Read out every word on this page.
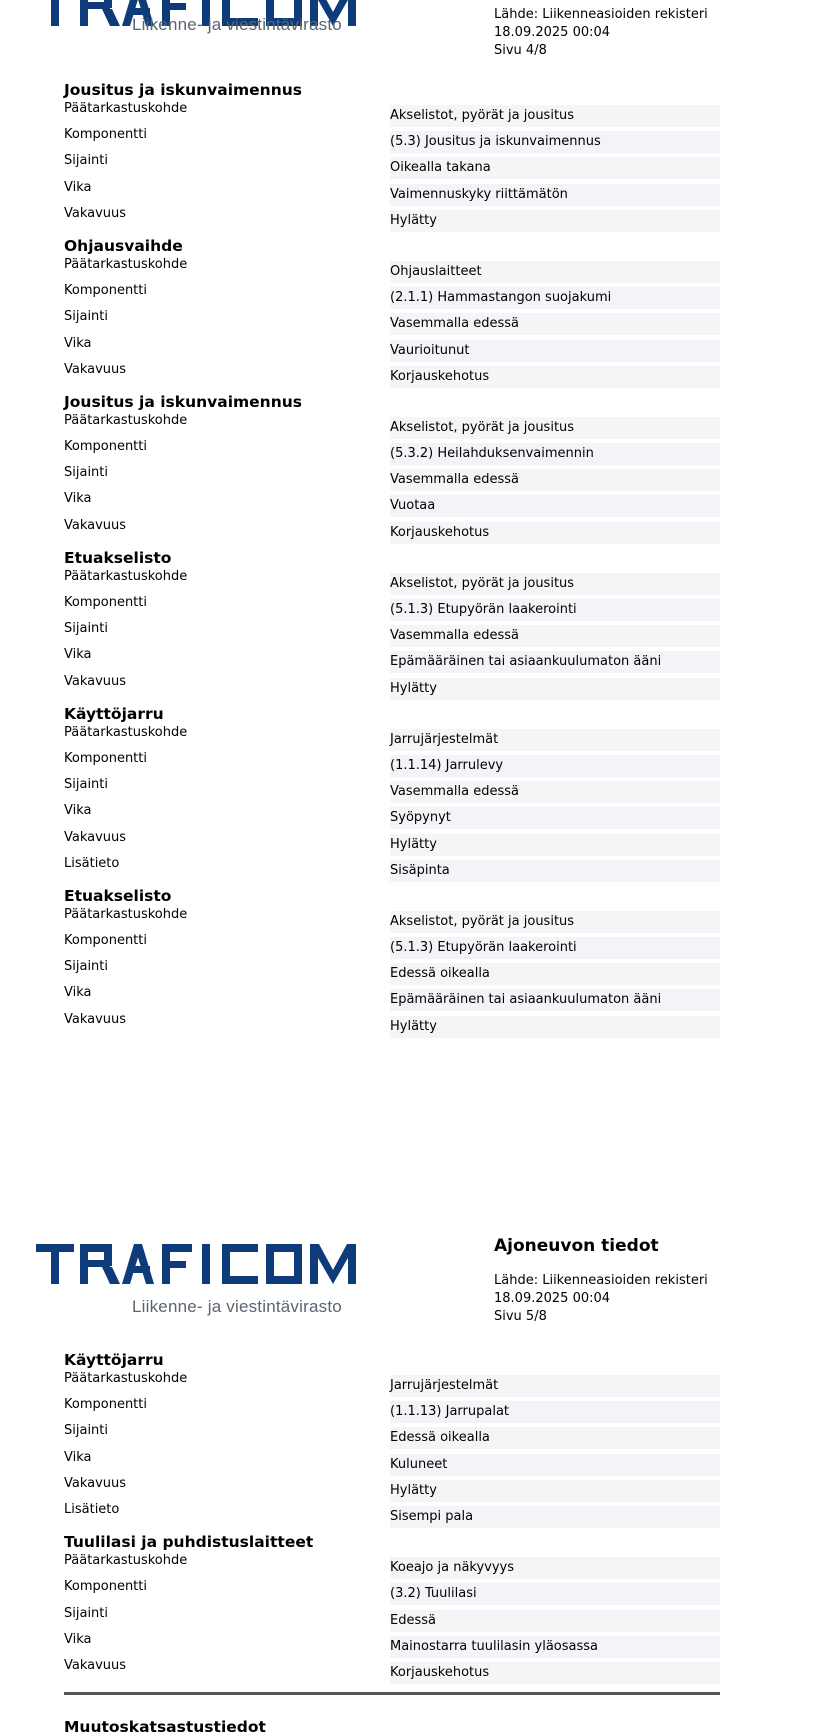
Liikenne- ja viestintävirasto
Lähde: Liikenneasioiden rekisteri
18.09.2025 00:04
Sivu 4/8
Jousitus ja iskunvaimennus
Päätarkastuskohde	Akselistot, pyörät ja jousitus
Komponentti	(5.3) Jousitus ja iskunvaimennus
Sijainti	Oikealla takana
Vika	Vaimennuskyky riittämätön
Vakavuus	Hylätty
Ohjausvaihde
Päätarkastuskohde	Ohjauslaitteet
Komponentti	(2.1.1) Hammastangon suojakumi
Sijainti	Vasemmalla edessä
Vika	Vaurioitunut
Vakavuus	Korjauskehotus
Jousitus ja iskunvaimennus
Päätarkastuskohde	Akselistot, pyörät ja jousitus
Komponentti	(5.3.2) Heilahduksenvaimennin
Sijainti	Vasemmalla edessä
Vika	Vuotaa
Vakavuus	Korjauskehotus
Etuakselisto
Päätarkastuskohde	Akselistot, pyörät ja jousitus
Komponentti	(5.1.3) Etupyörän laakerointi
Sijainti	Vasemmalla edessä
Vika	Epämääräinen tai asiaankuulumaton ääni
Vakavuus	Hylätty
Käyttöjarru
Päätarkastuskohde	Jarrujärjestelmät
Komponentti	(1.1.14) Jarrulevy
Sijainti	Vasemmalla edessä
Vika	Syöpynyt
Vakavuus	Hylätty
Lisätieto	Sisäpinta
Etuakselisto
Päätarkastuskohde	Akselistot, pyörät ja jousitus
Komponentti	(5.1.3) Etupyörän laakerointi
Sijainti	Edessä oikealla
Vika	Epämääräinen tai asiaankuulumaton ääni
Vakavuus	Hylätty
Liikenne- ja viestintävirasto
Ajoneuvon tiedot
Lähde: Liikenneasioiden rekisteri
18.09.2025 00:04
Sivu 5/8
Käyttöjarru
Päätarkastuskohde	Jarrujärjestelmät
Komponentti	(1.1.13) Jarrupalat
Sijainti	Edessä oikealla
Vika	Kuluneet
Vakavuus	Hylätty
Lisätieto	Sisempi pala
Tuulilasi ja puhdistuslaitteet
Päätarkastuskohde	Koeajo ja näkyvyys
Komponentti	(3.2) Tuulilasi
Sijainti	Edessä
Vika	Mainostarra tuulilasin yläosassa
Vakavuus	Korjauskehotus
Muutoskatsastustiedot
